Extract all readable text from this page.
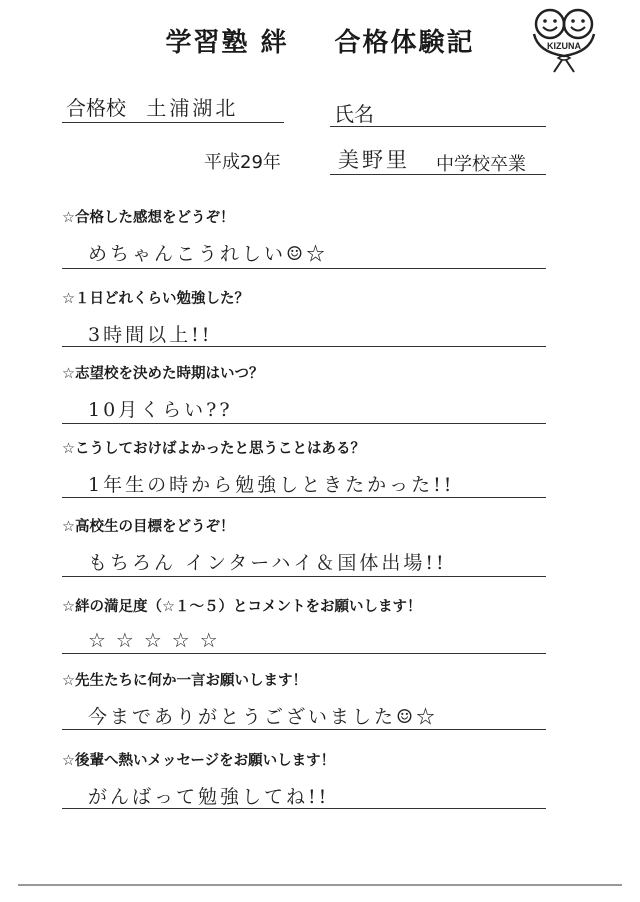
学習塾 絆 合格体験記	KIZUNA
合格校 土浦湖北	氏名
平成29年	美野里 中学校卒業
☆合格した感想をどうぞ！
めちゃんこうれしい☺☆
☆１日どれくらい勉強した？
3時間以上!!
☆志望校を決めた時期はいつ？
10月くらい??
☆こうしておけばよかったと思うことはある？
1年生の時から勉強しときたかった!!
☆高校生の目標をどうぞ！
もちろん インターハイ＆国体出場!!
☆絆の満足度（☆１～５）とコメントをお願いします！
☆☆☆☆☆
☆先生たちに何か一言お願いします！
今までありがとうございました☺☆
☆後輩へ熱いメッセージをお願いします！
がんばって勉強してね!!
